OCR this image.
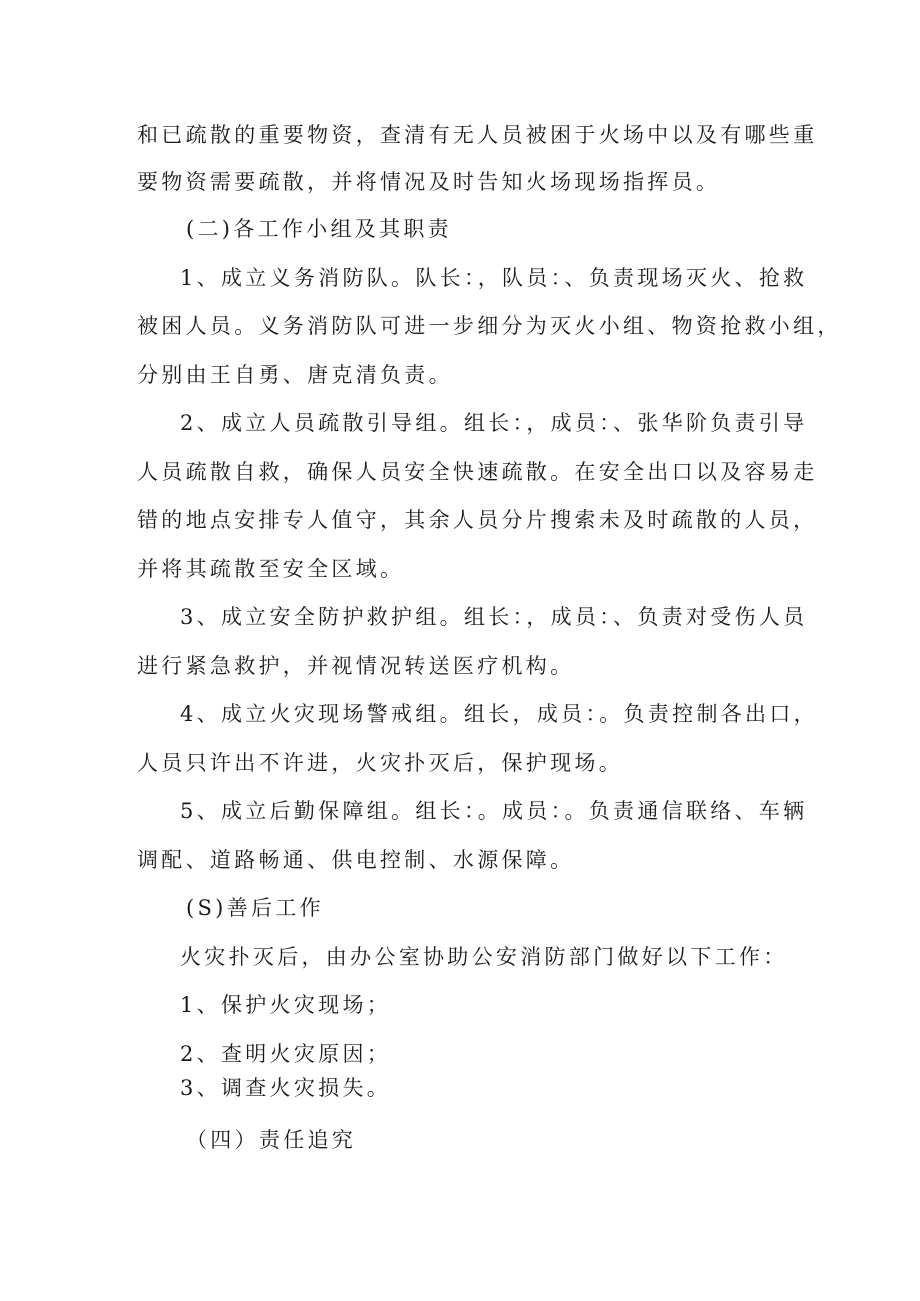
和已疏散的重要物资，查清有无人员被困于火场中以及有哪些重
要物资需要疏散，并将情况及时告知火场现场指挥员。
(二)各工作小组及其职责
1、成立义务消防队。队长：，队员：、负责现场灭火、抢救
被困人员。义务消防队可进一步细分为灭火小组、物资抢救小组，
分别由王自勇、唐克清负责。
2、成立人员疏散引导组。组长：，成员：、张华阶负责引导
人员疏散自救，确保人员安全快速疏散。在安全出口以及容易走
错的地点安排专人值守，其余人员分片搜索未及时疏散的人员，
并将其疏散至安全区域。
3、成立安全防护救护组。组长：，成员：、负责对受伤人员
进行紧急救护，并视情况转送医疗机构。
4、成立火灾现场警戒组。组长，成员：。负责控制各出口，
人员只许出不许进，火灾扑灭后，保护现场。
5、成立后勤保障组。组长：。成员：。负责通信联络、车辆
调配、道路畅通、供电控制、水源保障。
(S)善后工作
火灾扑灭后，由办公室协助公安消防部门做好以下工作：
1、保护火灾现场；
2、查明火灾原因；
3、调查火灾损失。
（四）责任追究
